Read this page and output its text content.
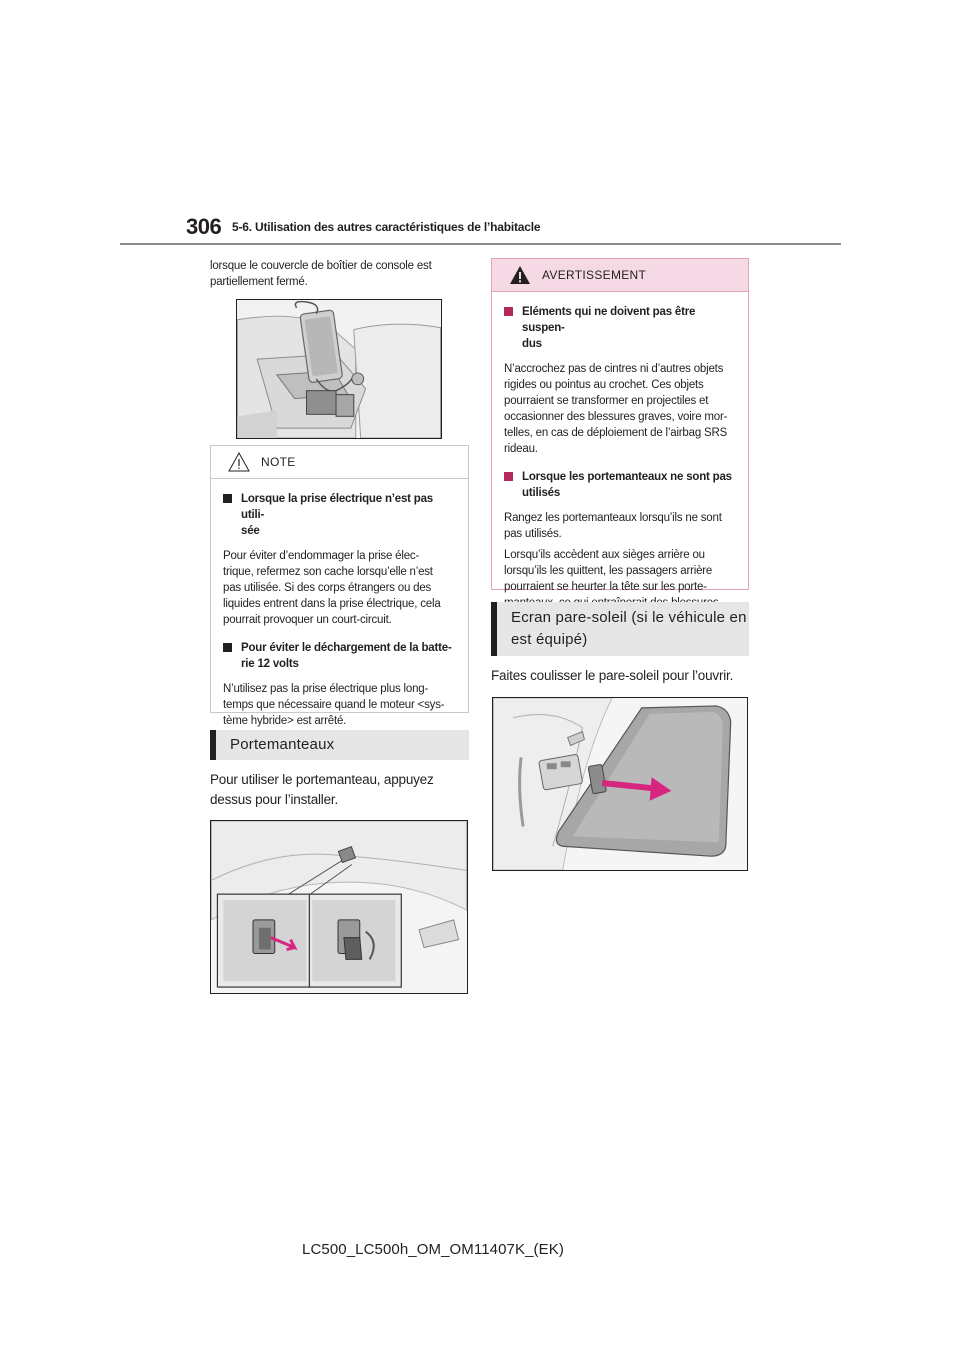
306 5-6. Utilisation des autres caractéristiques de l’habitacle
lorsque le couvercle de boîtier de console est
partiellement fermé.
NOTE
Lorsque la prise électrique n’est pas utili-
sée
Pour éviter d’endommager la prise élec-
trique, refermez son cache lorsqu’elle n’est
pas utilisée. Si des corps étrangers ou des
liquides entrent dans la prise électrique, cela
pourrait provoquer un court-circuit.
Pour éviter le déchargement de la batte-
rie 12 volts
N’utilisez pas la prise électrique plus long-
temps que nécessaire quand le moteur <sys-
tème hybride> est arrêté.
Portemanteaux
Pour utiliser le portemanteau, appuyez
dessus pour l’installer.
AVERTISSEMENT
Eléments qui ne doivent pas être suspen-
dus
N’accrochez pas de cintres ni d’autres objets
rigides ou pointus au crochet. Ces objets
pourraient se transformer en projectiles et
occasionner des blessures graves, voire mor-
telles, en cas de déploiement de l’airbag SRS
rideau.
Lorsque les portemanteaux ne sont pas
utilisés
Rangez les portemanteaux lorsqu’ils ne sont
pas utilisés.
Lorsqu’ils accèdent aux sièges arrière ou
lorsqu’ils les quittent, les passagers arrière
pourraient se heurter la tête sur les porte-
Ecran pare-soleil (si le véhicule en
est équipé)
Faites coulisser le pare-soleil pour l’ouvrir.
LC500_LC500h_OM_OM11407K_(EK)
